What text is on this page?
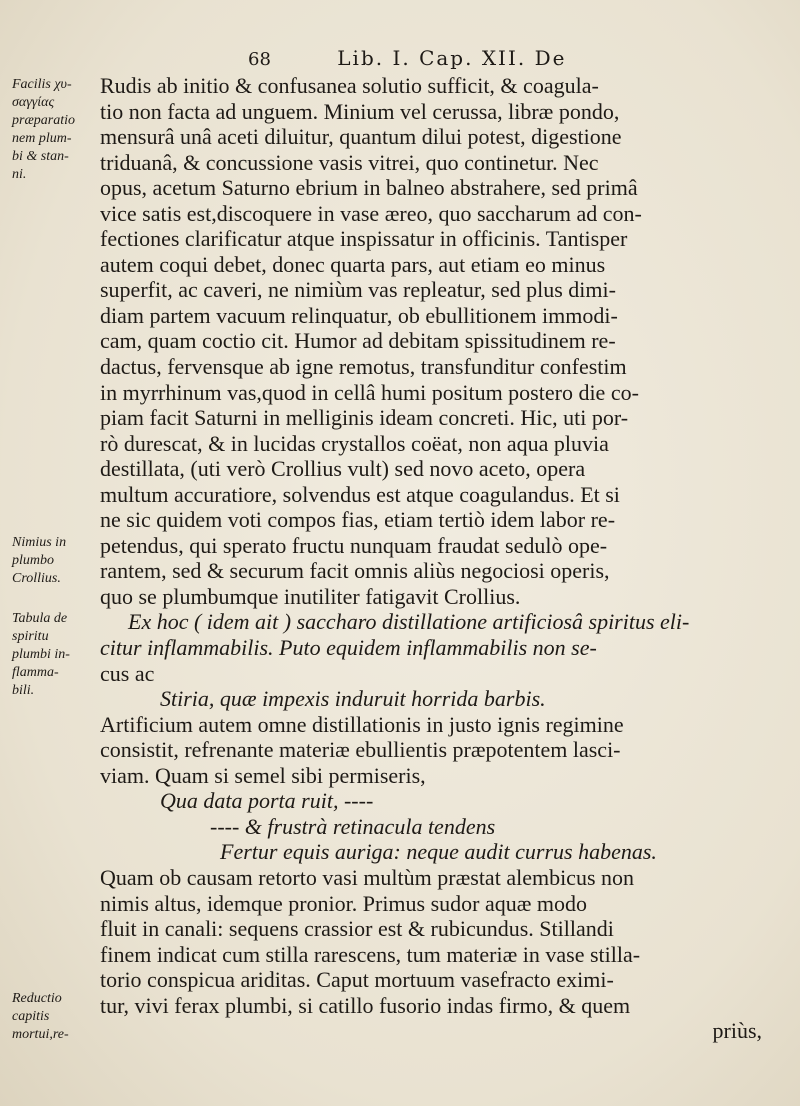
68	Lib. I. Cap. XII. De
Facilis χυ-
σαγγίας
præparatio
nem plum-
bi & stan-
ni.
Nimius in
plumbo
Crollius.
Tabula de
spiritu
plumbi in-
flamma-
bili.
Reductio
capitis
mortui,re-
Rudis ab initio & confusanea solutio sufficit, & coagula-
tio non facta ad unguem. Minium vel cerussa, libræ pondo,
mensurâ unâ aceti diluitur, quantum dilui potest, digestione
triduanâ, & concussione vasis vitrei, quo continetur. Nec
opus, acetum Saturno ebrium in balneo abstrahere, sed primâ
vice satis est,discoquere in vase æreo, quo saccharum ad con-
fectiones clarificatur atque inspissatur in officinis. Tantisper
autem coqui debet, donec quarta pars, aut etiam eo minus
superfit, ac caveri, ne nimiùm vas repleatur, sed plus dimi-
diam partem vacuum relinquatur, ob ebullitionem immodi-
cam, quam coctio cit. Humor ad debitam spissitudinem re-
dactus, fervensque ab igne remotus, transfunditur confestim
in myrrhinum vas,quod in cellâ humi positum postero die co-
piam facit Saturni in melliginis ideam concreti. Hic, uti por-
rò durescat, & in lucidas crystallos coëat, non aqua pluvia
destillata, (uti verò Crollius vult) sed novo aceto, opera
multum accuratiore, solvendus est atque coagulandus. Et si
ne sic quidem voti compos fias, etiam tertiò idem labor re-
petendus, qui sperato fructu nunquam fraudat sedulò ope-
rantem, sed & securum facit omnis aliùs negociosi operis,
quo se plumbumque inutiliter fatigavit Crollius.
Ex hoc ( idem ait ) saccharo distillatione artificiosâ spiritus eli-
citur inflammabilis. Puto equidem inflammabilis non se-
cus ac
Stiria, quæ impexis induruit horrida barbis.
Artificium autem omne distillationis in justo ignis regimine
consistit, refrenante materiæ ebullientis præpotentem lasci-
viam. Quam si semel sibi permiseris,
Qua data porta ruit, ----
---- & frustrà retinacula tendens
Fertur equis auriga: neque audit currus habenas.
Quam ob causam retorto vasi multùm præstat alembicus non
nimis altus, idemque pronior. Primus sudor aquæ modo
fluit in canali: sequens crassior est & rubicundus. Stillandi
finem indicat cum stilla rarescens, tum materiæ in vase stilla-
torio conspicua ariditas. Caput mortuum vasefracto eximi-
tur, vivi ferax plumbi, si catillo fusorio indas firmo, & quem
priùs,
